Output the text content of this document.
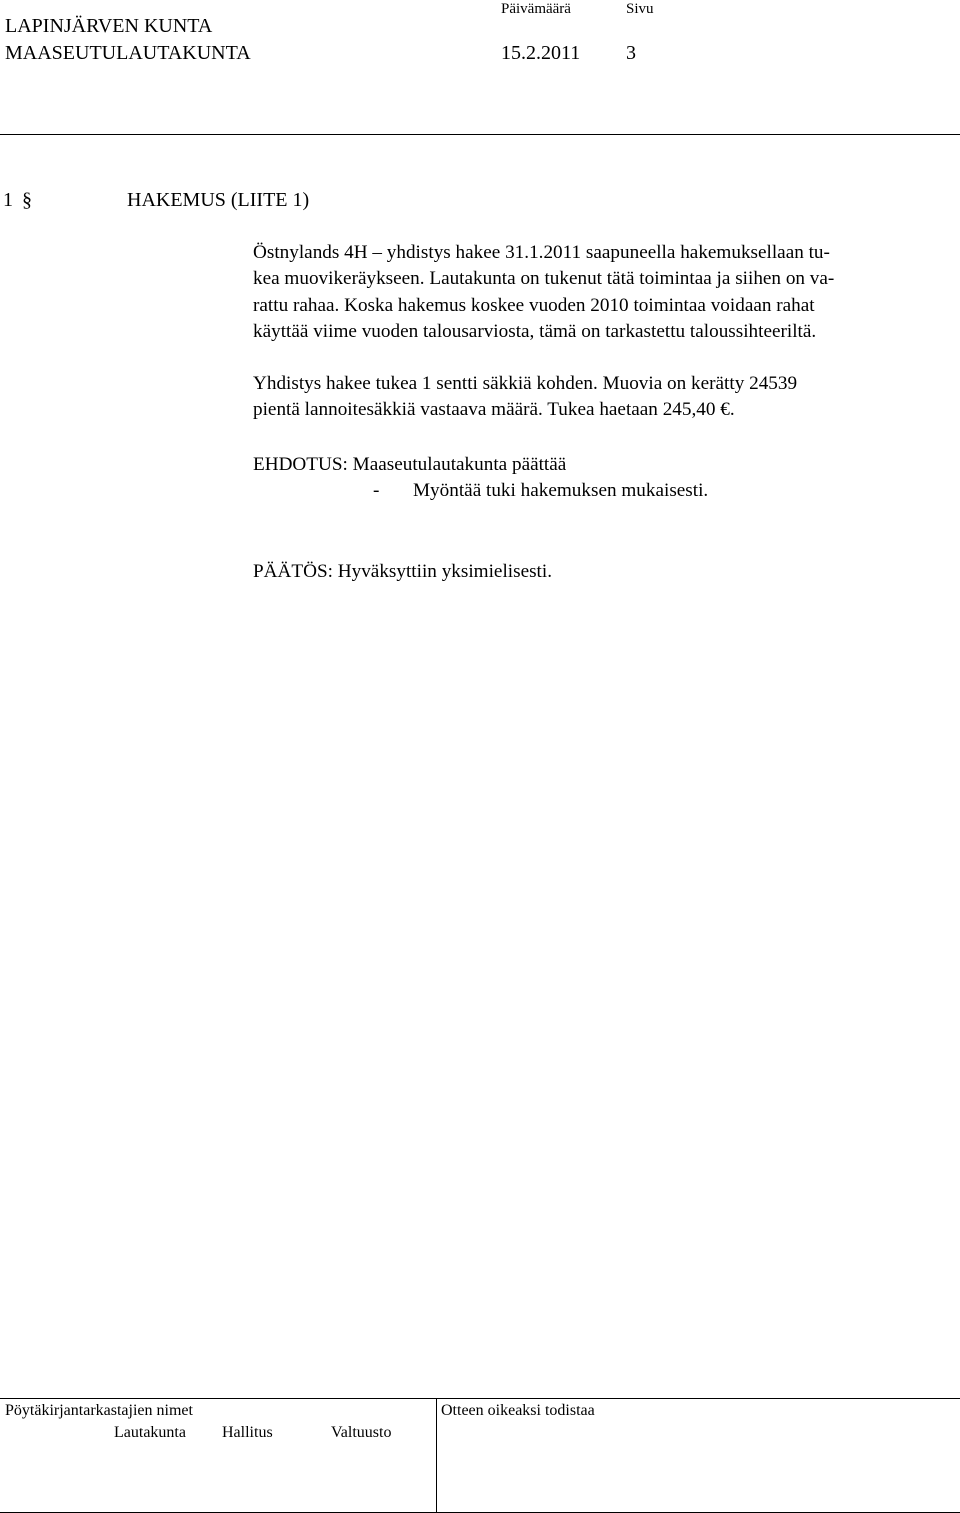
LAPINJÄRVEN KUNTA
MAASEUTULAUTAKUNTA
Päivämäärä	Sivu
15.2.2011 3
1 §	HAKEMUS (LIITE 1)
Östnylands 4H – yhdistys hakee 31.1.2011 saapuneella hakemuksellaan tu-
kea muovikeräykseen. Lautakunta on tukenut tätä toimintaa ja siihen on va-
rattu rahaa. Koska hakemus koskee vuoden 2010 toimintaa voidaan rahat
käyttää viime vuoden talousarviosta, tämä on tarkastettu taloussihteeriltä.
Yhdistys hakee tukea 1 sentti säkkiä kohden. Muovia on kerätty 24539
pientä lannoitesäkkiä vastaava määrä. Tukea haetaan 245,40 €.
EHDOTUS: Maaseutulautakunta päättää
- Myöntää tuki hakemuksen mukaisesti.
PÄÄTÖS: Hyväksyttiin yksimielisesti.
Pöytäkirjantarkastajien nimet
Lautakunta Hallitus	Valtuusto
Otteen oikeaksi todistaa
